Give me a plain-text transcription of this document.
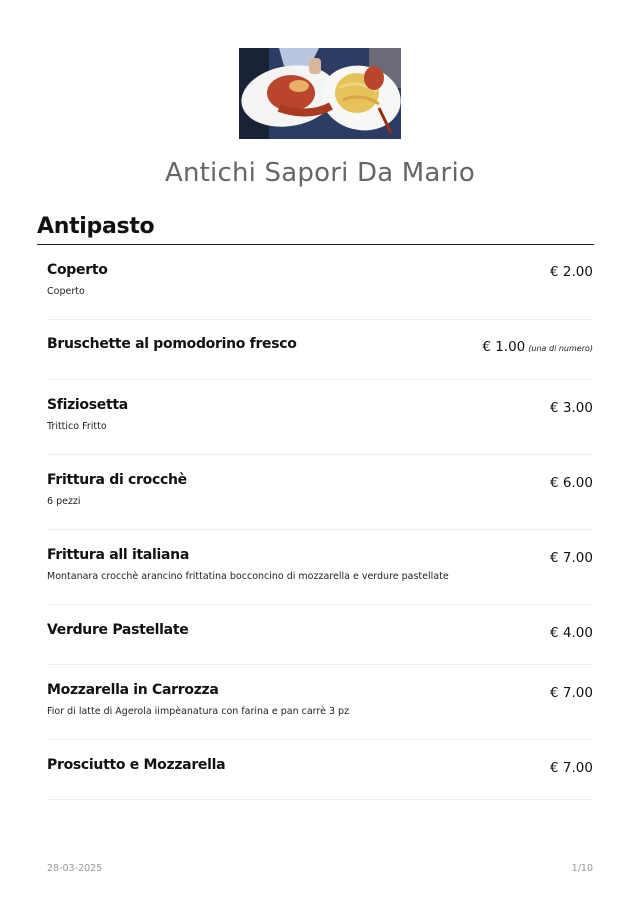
Antichi Sapori Da Mario
Antipasto
Coperto
Coperto
€ 2.00
Bruschette al pomodorino fresco	€ 1.00 (una di numero)
Sfiziosetta
Trittico Fritto
€ 3.00
Frittura di crocchè
6 pezzi
€ 6.00
Frittura all italiana
Montanara crocchè arancino frittatina bocconcino di mozzarella e verdure pastellate
€ 7.00
Verdure Pastellate	€ 4.00
Mozzarella in Carrozza
Fior di latte di Agerola iimpèanatura con farina e pan carrè 3 pz
€ 7.00
Prosciutto e Mozzarella	€ 7.00
28-03-2025	1/10
